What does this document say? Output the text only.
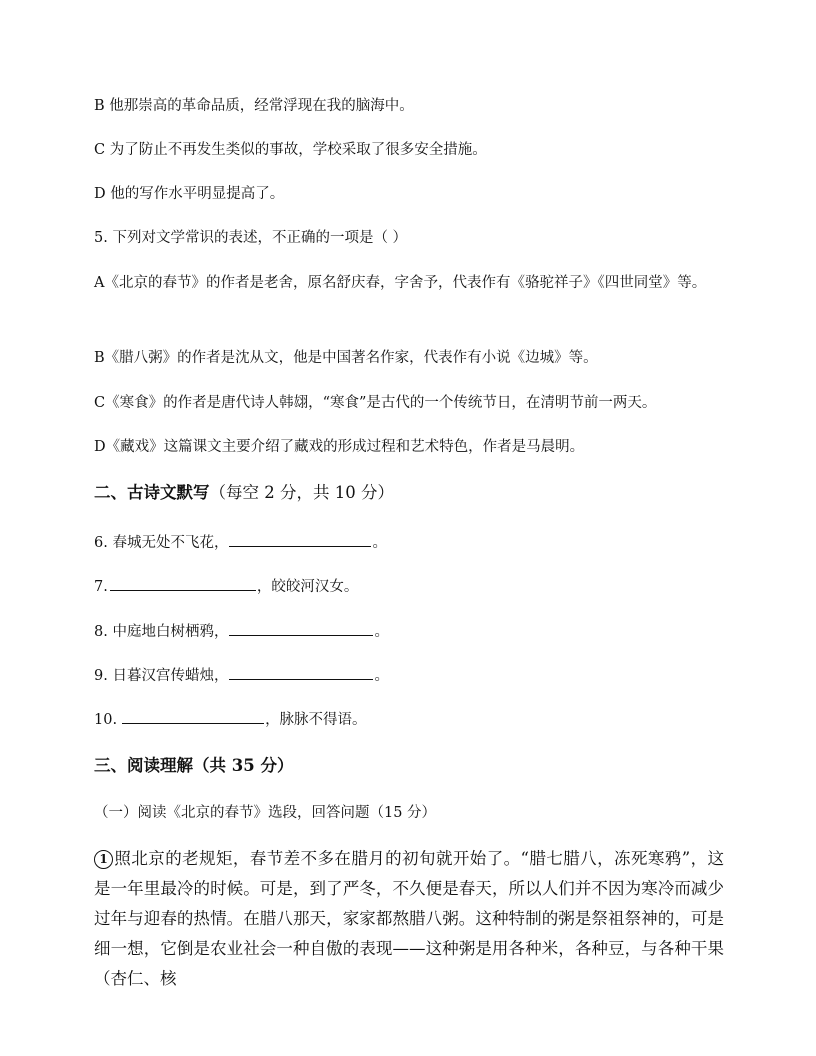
B 他那崇高的革命品质，经常浮现在我的脑海中。
C 为了防止不再发生类似的事故，学校采取了很多安全措施。
D 他的写作水平明显提高了。
5. 下列对文学常识的表述，不正确的一项是（ ）
A《北京的春节》的作者是老舍，原名舒庆春，字舍予，代表作有《骆驼祥子》《四世同堂》等。
B《腊八粥》的作者是沈从文，他是中国著名作家，代表作有小说《边城》等。
C《寒食》的作者是唐代诗人韩翃，“寒食”是古代的一个传统节日，在清明节前一两天。
D《藏戏》这篇课文主要介绍了藏戏的形成过程和艺术特色，作者是马晨明。
二、古诗文默写（每空 2 分，共 10 分）
6. 春城无处不飞花，	。
7.	，皎皎河汉女。
8. 中庭地白树栖鸦，	。
9. 日暮汉宫传蜡烛，	。
10.	，脉脉不得语。
三、阅读理解（共 35 分）
（一）阅读《北京的春节》选段，回答问题（15 分）
1 照北京的老规矩，春节差不多在腊月的初旬就开始了。“腊七腊八，冻死寒鸦”，这是一年里最冷的时候。可是，到了严冬，不久便是春天，所以人们并不因为寒冷而减少过年与迎春的热情。在腊八那天，家家都熬腊八粥。这种特制的粥是祭祖祭神的，可是细一想，它倒是农业社会一种自傲的表现——这种粥是用各种米，各种豆，与各种干果（杏仁、核
